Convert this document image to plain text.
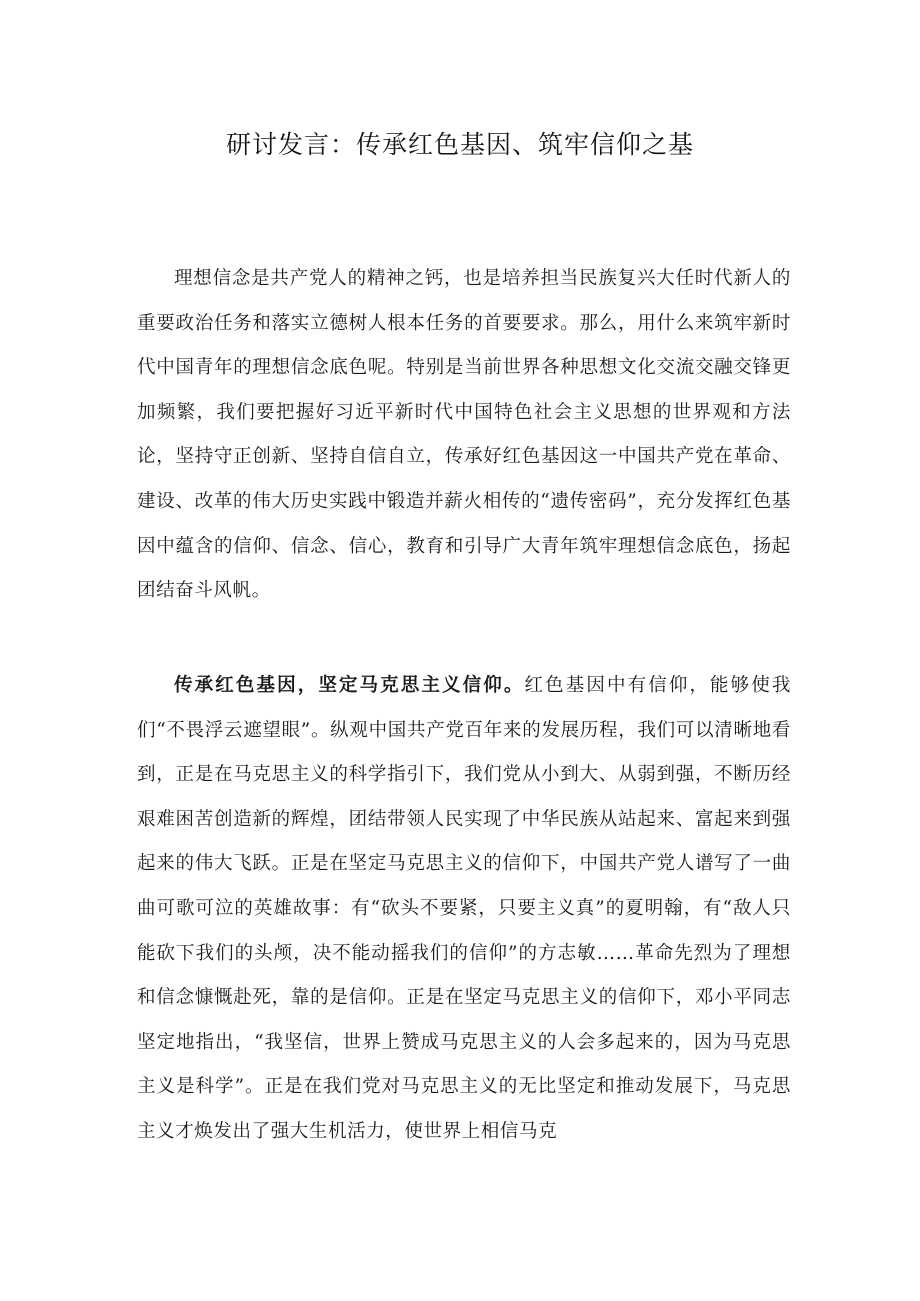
研讨发言：传承红色基因、筑牢信仰之基

理想信念是共产党人的精神之钙，也是培养担当民族复兴大任时代新人的重要政治任务和落实立德树人根本任务的首要要求。那么，用什么来筑牢新时代中国青年的理想信念底色呢。特别是当前世界各种思想文化交流交融交锋更加频繁，我们要把握好习近平新时代中国特色社会主义思想的世界观和方法论，坚持守正创新、坚持自信自立，传承好红色基因这一中国共产党在革命、建设、改革的伟大历史实践中锻造并薪火相传的“遗传密码”，充分发挥红色基因中蕴含的信仰、信念、信心，教育和引导广大青年筑牢理想信念底色，扬起团结奋斗风帆。

传承红色基因，坚定马克思主义信仰。红色基因中有信仰，能够使我们“不畏浮云遮望眼”。纵观中国共产党百年来的发展历程，我们可以清晰地看到，正是在马克思主义的科学指引下，我们党从小到大、从弱到强，不断历经艰难困苦创造新的辉煌，团结带领人民实现了中华民族从站起来、富起来到强起来的伟大飞跃。正是在坚定马克思主义的信仰下，中国共产党人谱写了一曲曲可歌可泣的英雄故事：有“砍头不要紧，只要主义真”的夏明翰，有“敌人只能砍下我们的头颅，决不能动摇我们的信仰”的方志敏……革命先烈为了理想和信念慷慨赴死，靠的是信仰。正是在坚定马克思主义的信仰下，邓小平同志坚定地指出，“我坚信，世界上赞成马克思主义的人会多起来的，因为马克思主义是科学”。正是在我们党对马克思主义的无比坚定和推动发展下，马克思主义才焕发出了强大生机活力，使世界上相信马克
